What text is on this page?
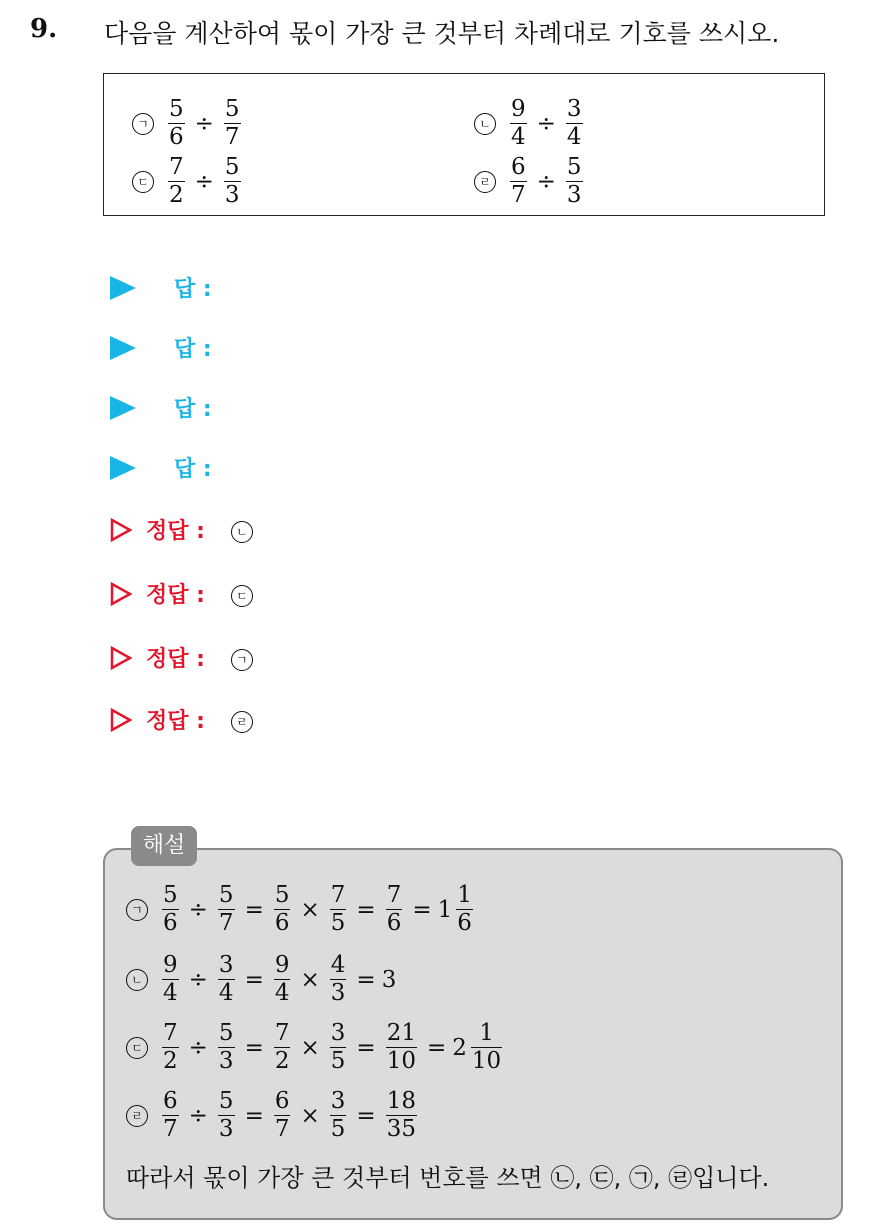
9. 다음을 계산하여 몫이 가장 큰 것부터 차례대로 기호를 쓰시오.
ㄱ $\frac{5}{6} \div \frac{5}{7}$	ㄴ $\frac{9}{4} \div \frac{3}{4}$
ㄷ $\frac{7}{2} \div \frac{5}{3}$	ㄹ $\frac{6}{7} \div \frac{5}{3}$
답 :
답 :
답 :
답 :
정답 :	ㄴ
정답 :	ㄷ
정답 :	ㄱ
정답 :	ㄹ
해설
ㄱ $\frac{5}{6} \div \frac{5}{7} = \frac{5}{6} \times \frac{7}{5} = \frac{7}{6} = 1 \frac{1}{6}$
ㄴ $\frac{9}{4} \div \frac{3}{4} = \frac{9}{4} \times \frac{4}{3} = 3$
ㄷ $\frac{7}{2} \div \frac{5}{3} = \frac{7}{2} \times \frac{3}{5} = \frac{21}{10} = 2 \frac{1}{10}$
ㄹ $\frac{6}{7} \div \frac{5}{3} = \frac{6}{7} \times \frac{3}{5} = \frac{18}{35}$
따라서 몫이 가장 큰 것부터 번호를 쓰면 ㉡, ㉢, ㉠, ㉣입니다.
